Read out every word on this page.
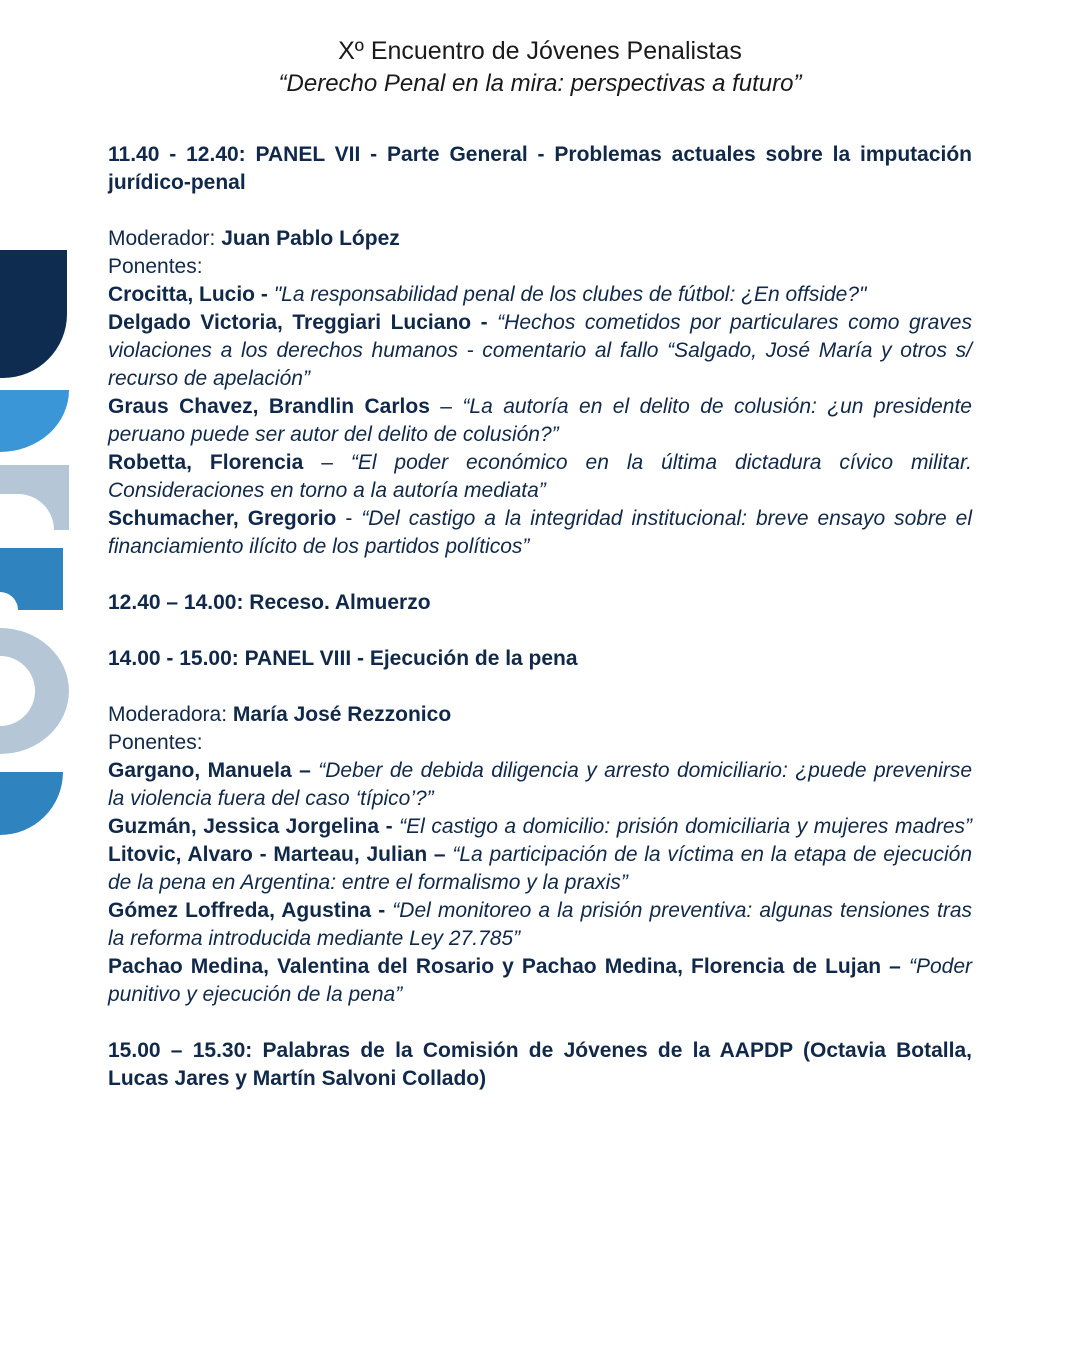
Xº Encuentro de Jóvenes Penalistas
“Derecho Penal en la mira: perspectivas a futuro”

11.40 - 12.40: PANEL VII - Parte General - Problemas actuales sobre la imputación jurídico-penal

Moderador: Juan Pablo López

Ponentes:

Crocitta, Lucio - "La responsabilidad penal de los clubes de fútbol: ¿En offside?"

Delgado Victoria, Treggiari Luciano - “Hechos cometidos por particulares como graves violaciones a los derechos humanos - comentario al fallo “Salgado, José María y otros s/ recurso de apelación”

Graus Chavez, Brandlin Carlos – “La autoría en el delito de colusión: ¿un presidente peruano puede ser autor del delito de colusión?”

Robetta, Florencia – “El poder económico en la última dictadura cívico militar. Consideraciones en torno a la autoría mediata”

Schumacher, Gregorio - “Del castigo a la integridad institucional: breve ensayo sobre el financiamiento ilícito de los partidos políticos”

12.40 – 14.00: Receso. Almuerzo

14.00 - 15.00: PANEL VIII - Ejecución de la pena

Moderadora: María José Rezzonico

Ponentes:

Gargano, Manuela – “Deber de debida diligencia y arresto domiciliario: ¿puede prevenirse la violencia fuera del caso ‘típico’?”

Guzmán, Jessica Jorgelina - “El castigo a domicilio: prisión domiciliaria y mujeres madres” Litovic, Alvaro - Marteau, Julian – “La participación de la víctima en la etapa de ejecución de la pena en Argentina: entre el formalismo y la praxis”

Gómez Loffreda, Agustina - “Del monitoreo a la prisión preventiva: algunas tensiones tras la reforma introducida mediante Ley 27.785”

Pachao Medina, Valentina del Rosario y Pachao Medina, Florencia de Lujan – “Poder punitivo y ejecución de la pena”

15.00 – 15.30: Palabras de la Comisión de Jóvenes de la AAPDP (Octavia Botalla, Lucas Jares y Martín Salvoni Collado)
